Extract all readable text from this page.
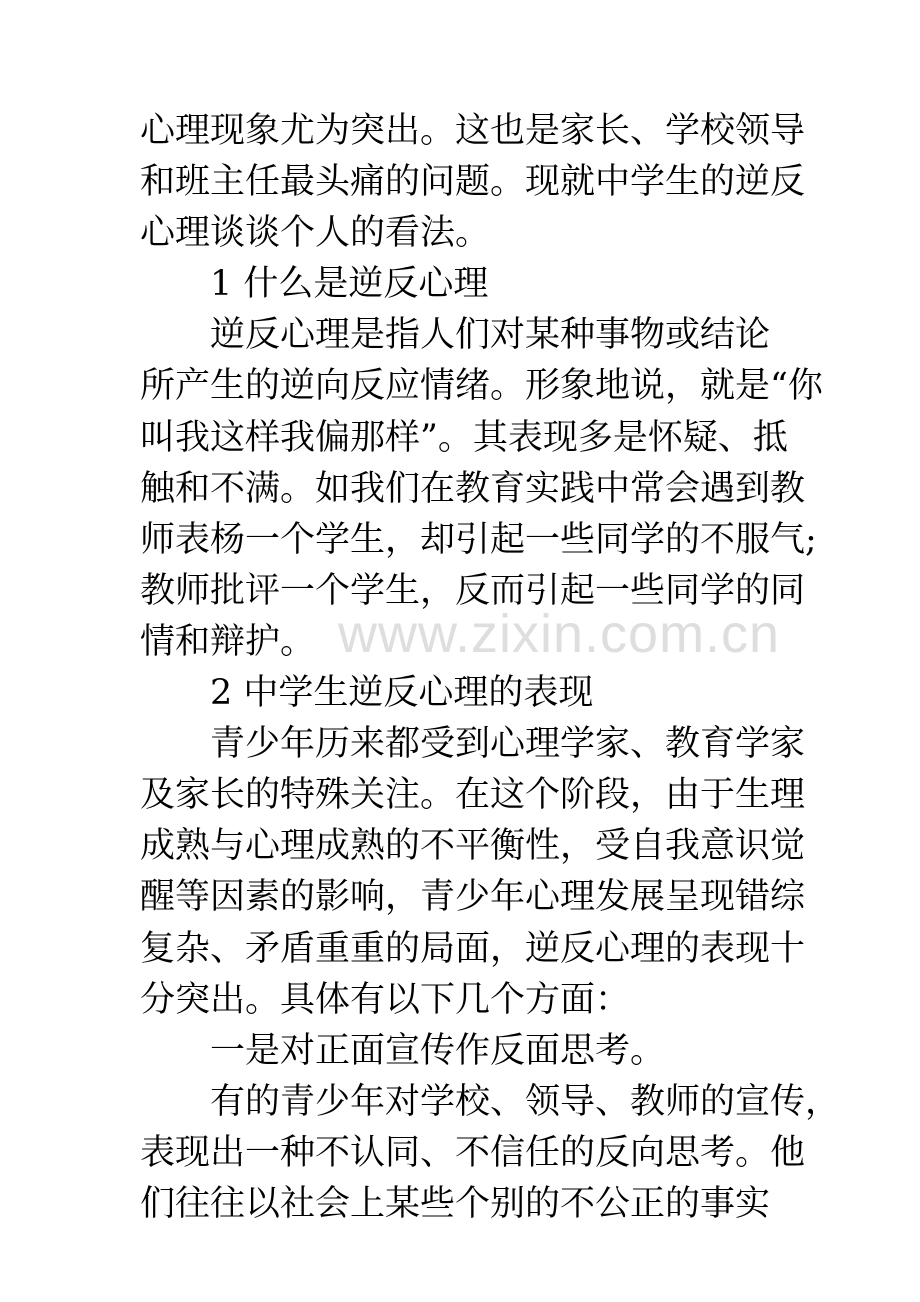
心理现象尤为突出。这也是家长、学校领导
和班主任最头痛的问题。现就中学生的逆反
心理谈谈个人的看法。
1 什么是逆反心理
逆反心理是指人们对某种事物或结论
所产生的逆向反应情绪。形象地说，就是“你
叫我这样我偏那样”。其表现多是怀疑、抵
触和不满。如我们在教育实践中常会遇到教
师表杨一个学生，却引起一些同学的不服气;
教师批评一个学生，反而引起一些同学的同
情和辩护。
2 中学生逆反心理的表现
青少年历来都受到心理学家、教育学家
及家长的特殊关注。在这个阶段，由于生理
成熟与心理成熟的不平衡性，受自我意识觉
醒等因素的影响，青少年心理发展呈现错综
复杂、矛盾重重的局面，逆反心理的表现十
分突出。具体有以下几个方面：
一是对正面宣传作反面思考。
有的青少年对学校、领导、教师的宣传，
表现出一种不认同、不信任的反向思考。他
们往往以社会上某些个别的不公正的事实
www.zixin.com.cn
